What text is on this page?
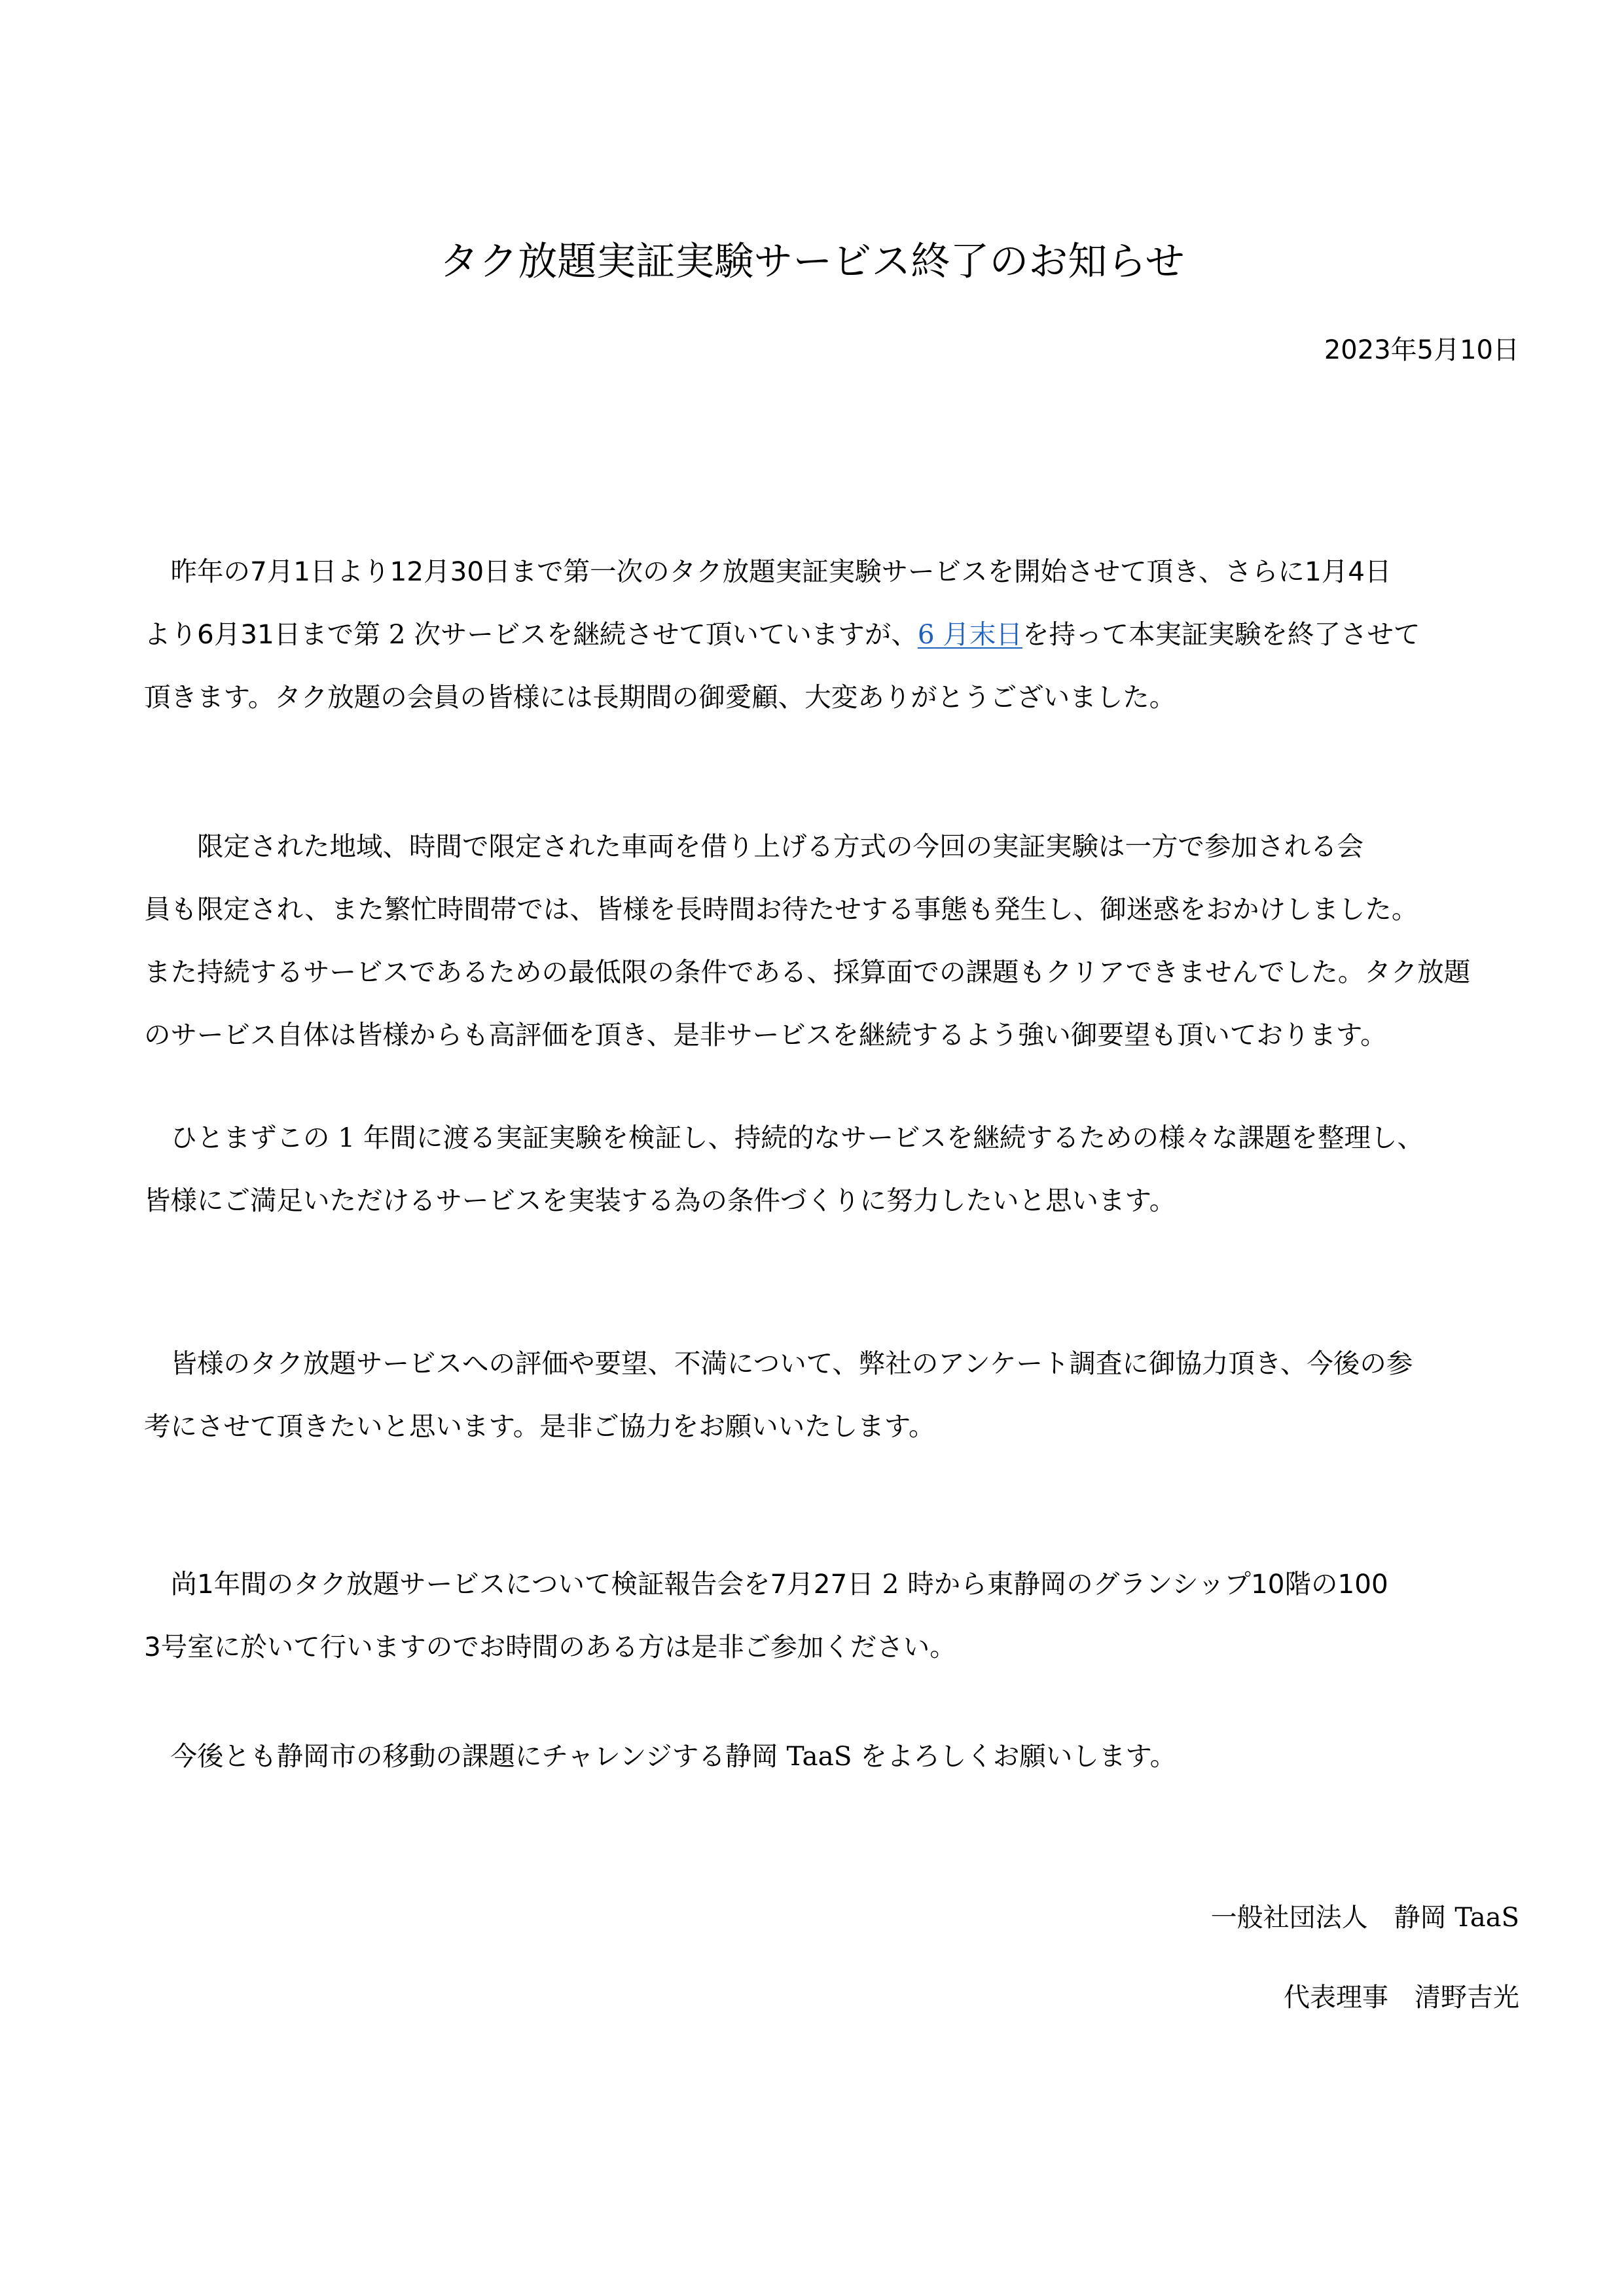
タク放題実証実験サービス終了のお知らせ

2023年5月10日

　昨年の7月1日より12月30日まで第一次のタク放題実証実験サービスを開始させて頂き、さらに1月4日
より6月31日まで第 2 次サービスを継続させて頂いていますが、6 月末日を持って本実証実験を終了させて
頂きます。タク放題の会員の皆様には長期間の御愛顧、大変ありがとうございました。
　　限定された地域、時間で限定された車両を借り上げる方式の今回の実証実験は一方で参加される会
員も限定され、また繁忙時間帯では、皆様を長時間お待たせする事態も発生し、御迷惑をおかけしました。
また持続するサービスであるための最低限の条件である、採算面での課題もクリアできませんでした。タク放題
のサービス自体は皆様からも高評価を頂き、是非サービスを継続するよう強い御要望も頂いております。
　ひとまずこの 1 年間に渡る実証実験を検証し、持続的なサービスを継続するための様々な課題を整理し、
皆様にご満足いただけるサービスを実装する為の条件づくりに努力したいと思います。
　皆様のタク放題サービスへの評価や要望、不満について、弊社のアンケート調査に御協力頂き、今後の参
考にさせて頂きたいと思います。是非ご協力をお願いいたします。
　尚1年間のタク放題サービスについて検証報告会を7月27日 2 時から東静岡のグランシップ10階の100
3号室に於いて行いますのでお時間のある方は是非ご参加ください。
　今後とも静岡市の移動の課題にチャレンジする静岡 TaaS をよろしくお願いします。

一般社団法人　静岡 TaaS

代表理事　清野吉光
